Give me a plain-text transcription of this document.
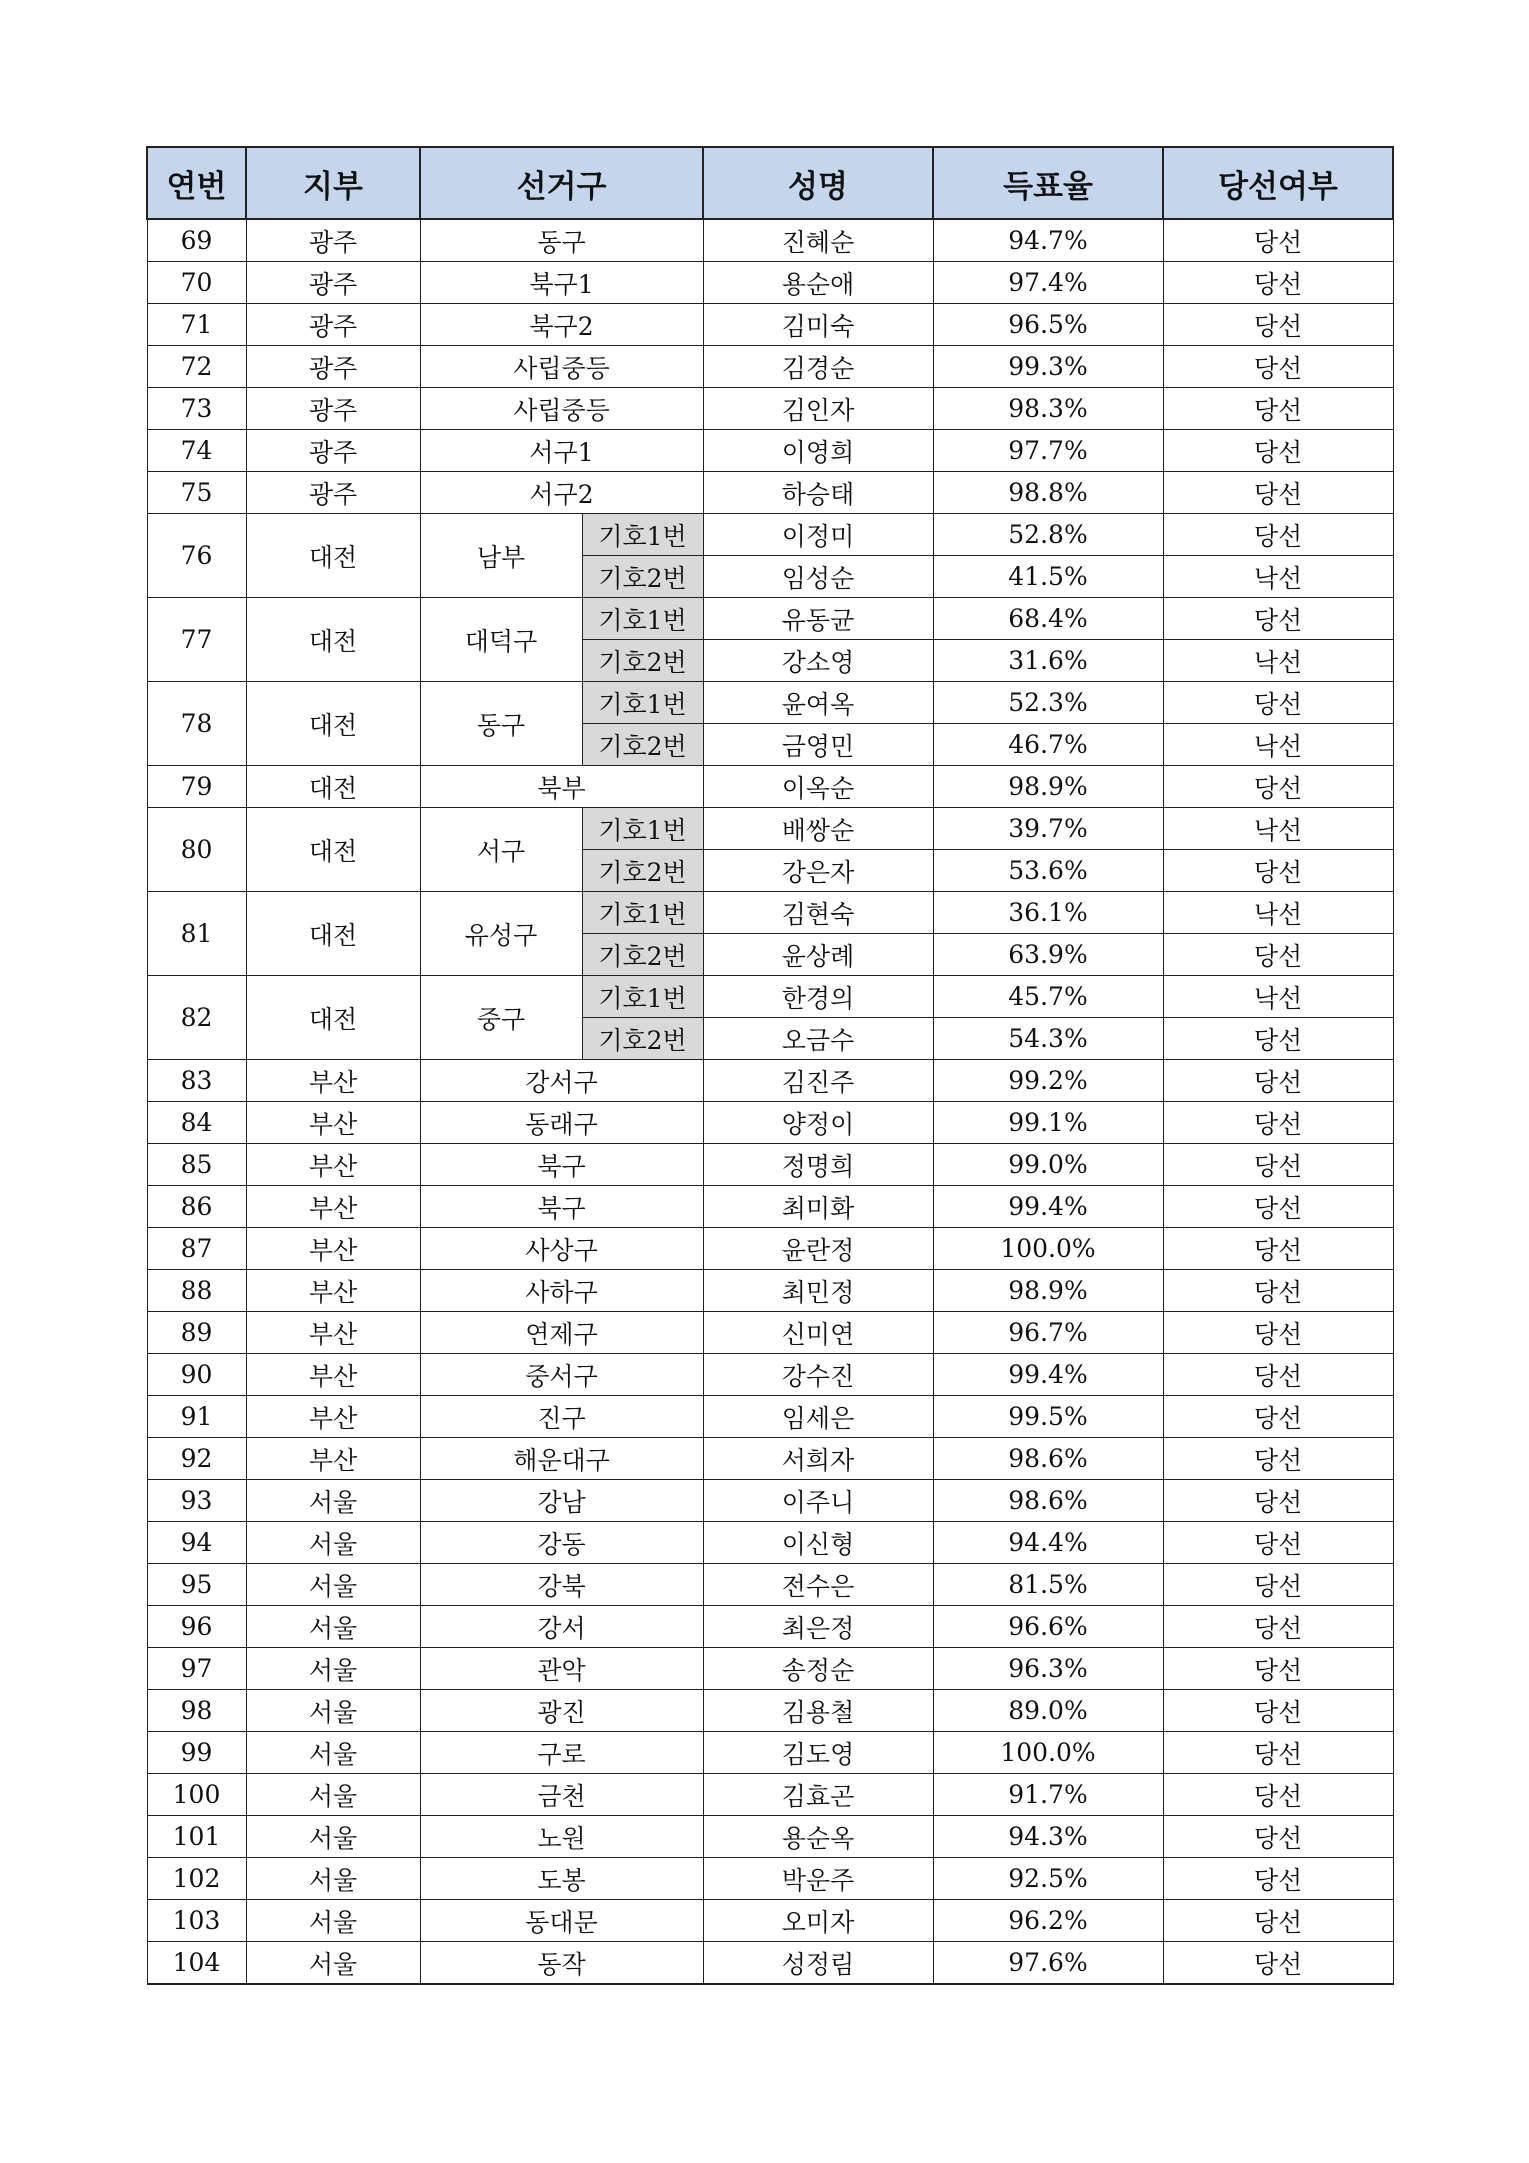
연번	지부	선거구		성명	득표율	당선여부
69	광주	동구		진혜순	94.7%	당선
70	광주	북구1		용순애	97.4%	당선
71	광주	북구2		김미숙	96.5%	당선
72	광주	사립중등		김경순	99.3%	당선
73	광주	사립중등		김인자	98.3%	당선
74	광주	서구1		이영희	97.7%	당선
75	광주	서구2		하승태	98.8%	당선
76	대전	남부	기호1번	이정미	52.8%	당선
			기호2번	임성순	41.5%	낙선
77	대전	대덕구	기호1번	유동균	68.4%	당선
			기호2번	강소영	31.6%	낙선
78	대전	동구	기호1번	윤여옥	52.3%	당선
			기호2번	금영민	46.7%	낙선
79	대전	북부		이옥순	98.9%	당선
80	대전	서구	기호1번	배쌍순	39.7%	낙선
			기호2번	강은자	53.6%	당선
81	대전	유성구	기호1번	김현숙	36.1%	낙선
			기호2번	윤상례	63.9%	당선
82	대전	중구	기호1번	한경의	45.7%	낙선
			기호2번	오금수	54.3%	당선
83	부산	강서구		김진주	99.2%	당선
84	부산	동래구		양정이	99.1%	당선
85	부산	북구		정명희	99.0%	당선
86	부산	북구		최미화	99.4%	당선
87	부산	사상구		윤란정	100.0%	당선
88	부산	사하구		최민정	98.9%	당선
89	부산	연제구		신미연	96.7%	당선
90	부산	중서구		강수진	99.4%	당선
91	부산	진구		임세은	99.5%	당선
92	부산	해운대구		서희자	98.6%	당선
93	서울	강남		이주니	98.6%	당선
94	서울	강동		이신형	94.4%	당선
95	서울	강북		전수은	81.5%	당선
96	서울	강서		최은정	96.6%	당선
97	서울	관악		송정순	96.3%	당선
98	서울	광진		김용철	89.0%	당선
99	서울	구로		김도영	100.0%	당선
100	서울	금천		김효곤	91.7%	당선
101	서울	노원		용순옥	94.3%	당선
102	서울	도봉		박운주	92.5%	당선
103	서울	동대문		오미자	96.2%	당선
104	서울	동작		성정림	97.6%	당선
